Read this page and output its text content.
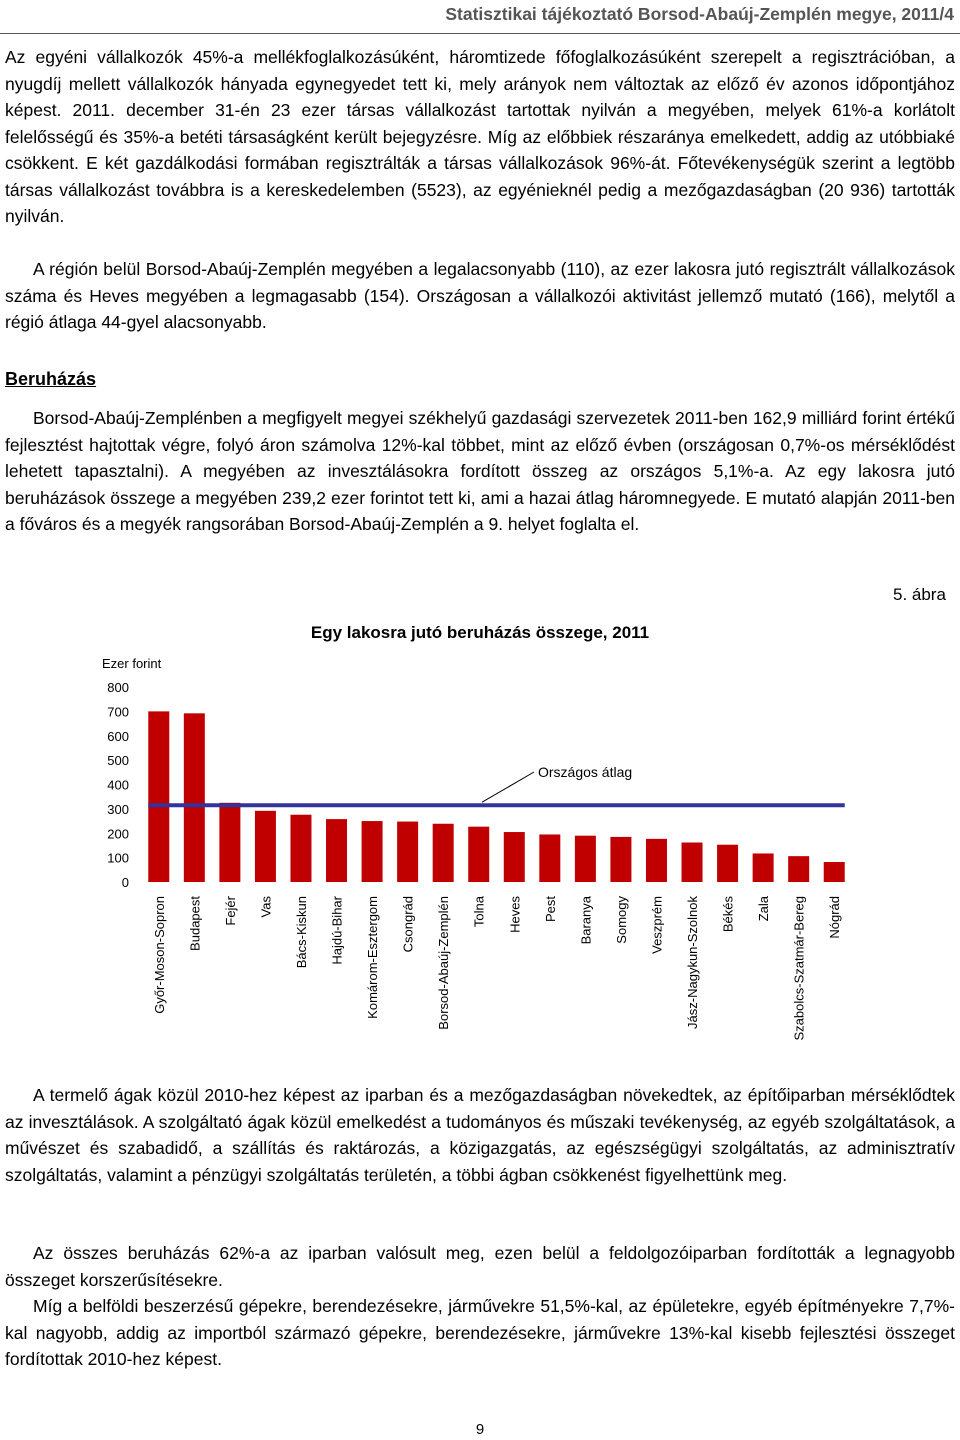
Statisztikai tájékoztató Borsod-Abaúj-Zemplén megye, 2011/4

Az egyéni vállalkozók 45%-a mellékfoglalkozásúként, háromtizede főfoglalkozásúként szerepelt a regisztrációban, a nyugdíj mellett vállalkozók hányada egynegyedet tett ki, mely arányok nem változtak az előző év azonos időpontjához képest. 2011. december 31-én 23 ezer társas vállalkozást tartottak nyilván a megyében, melyek 61%-a korlátolt felelősségű és 35%-a betéti társaságként került bejegyzésre. Míg az előbbiek részaránya emelkedett, addig az utóbbiaké csökkent. E két gazdálkodási formában regisztrálták a társas vállalkozások 96%-át. Főtevékenységük szerint a legtöbb társas vállalkozást továbbra is a kereskedelemben (5523), az egyénieknél pedig a mezőgazdaságban (20 936) tartották nyilván.

A régión belül Borsod-Abaúj-Zemplén megyében a legalacsonyabb (110), az ezer lakosra jutó regisztrált vállalkozások száma és Heves megyében a legmagasabb (154). Országosan a vállalkozói aktivitást jellemző mutató (166), melytől a régió átlaga 44-gyel alacsonyabb.

Beruházás

Borsod-Abaúj-Zemplénben a megfigyelt megyei székhelyű gazdasági szervezetek 2011-ben 162,9 milliárd forint értékű fejlesztést hajtottak végre, folyó áron számolva 12%-kal többet, mint az előző évben (országosan 0,7%-os mérséklődést lehetett tapasztalni). A megyében az invesztálásokra fordított összeg az országos 5,1%-a. Az egy lakosra jutó beruházások összege a megyében 239,2 ezer forintot tett ki, ami a hazai átlag háromnegyede. E mutató alapján 2011-ben a főváros és a megyék rangsorában Borsod-Abaúj-Zemplén a 9. helyet foglalta el.

5. ábra
Egy lakosra jutó beruházás összege, 2011
Ezer forint
0
100
200
300
400
500
600
700
800
Győr-Moson-Sopron Budapest Fejér Vas Bács-Kiskun Hajdú-Bihar Komárom-Esztergom Csongrád Borsod-Abaúj-Zemplén Tolna Heves Pest Baranya Somogy Veszprém Jász-Nagykun-Szolnok Békés Zala Szabolcs-Szatmár-Bereg Nógrád
Országos átlag

A termelő ágak közül 2010-hez képest az iparban és a mezőgazdaságban növekedtek, az építőiparban mérséklődtek az invesztálások. A szolgáltató ágak közül emelkedést a tudományos és műszaki tevékenység, az egyéb szolgáltatások, a művészet és szabadidő, a szállítás és raktározás, a közigazgatás, az egészségügyi szolgáltatás, az adminisztratív szolgáltatás, valamint a pénzügyi szolgáltatás területén, a többi ágban csökkenést figyelhettünk meg.

Az összes beruházás 62%-a az iparban valósult meg, ezen belül a feldolgozóiparban fordították a legnagyobb összeget korszerűsítésekre.

Míg a belföldi beszerzésű gépekre, berendezésekre, járművekre 51,5%-kal, az épületekre, egyéb építményekre 7,7%-kal nagyobb, addig az importból származó gépekre, berendezésekre, járművekre 13%-kal kisebb fejlesztési összeget fordítottak 2010-hez képest.

9
